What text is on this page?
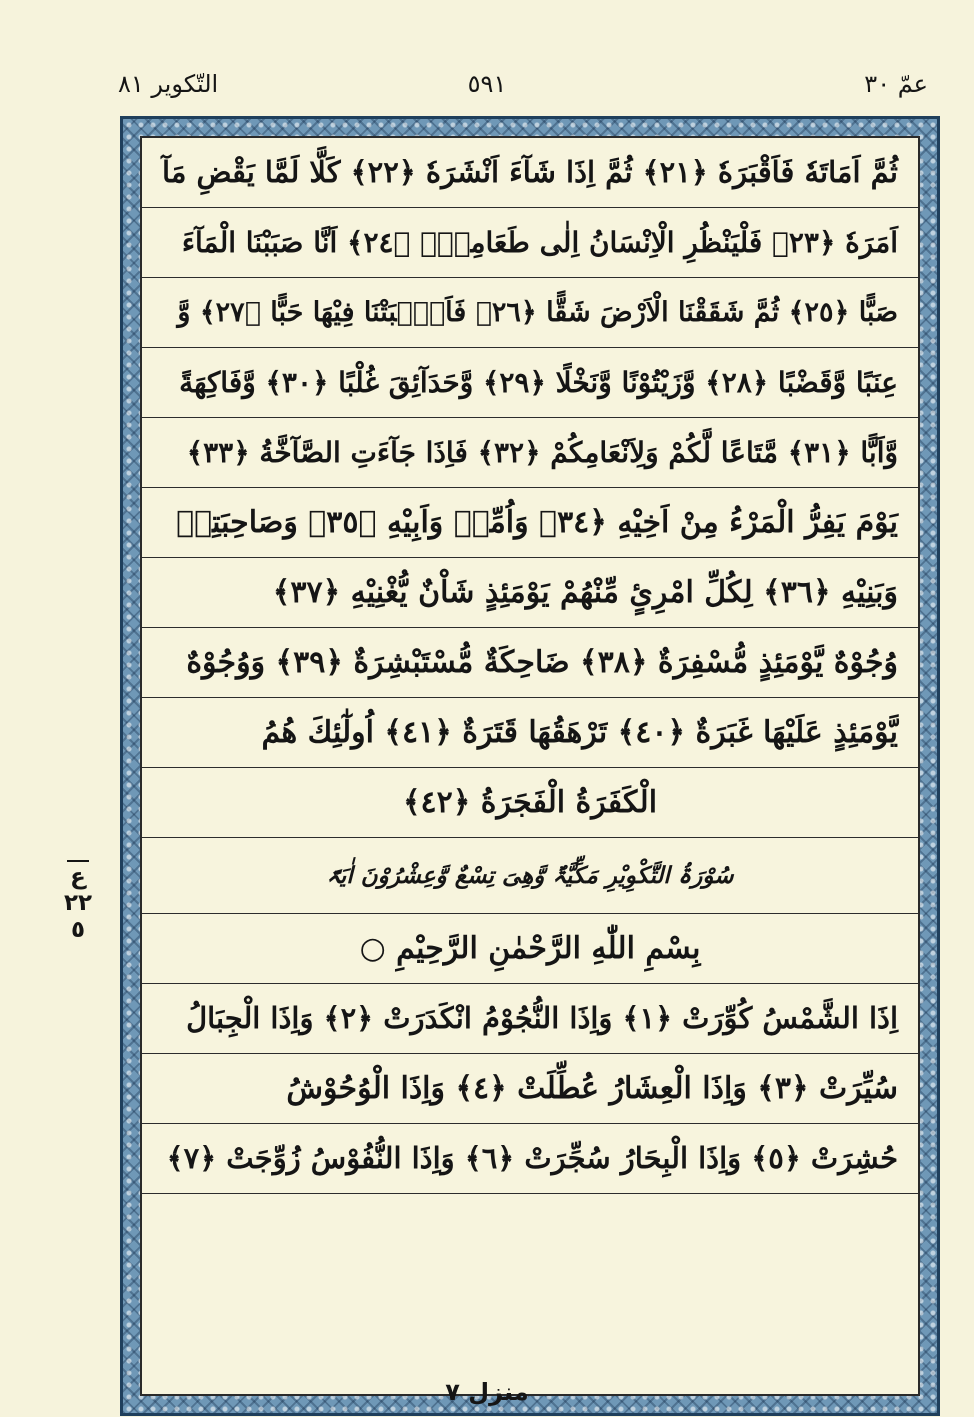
عمّ ٣٠
٥٩١
التّکویر ٨١
ع
٢٢
٥
ثُمَّ اَمَاتَهٗ فَاَقْبَرَهٗ ﴿٢١﴾ ثُمَّ اِذَا شَآءَ اَنْشَرَهٗ ﴿٢٢﴾ كَلَّا لَمَّا يَقْضِ مَآ
اَمَرَهٗ ﴿٢٣﴾ فَلْيَنْظُرِ الْاِنْسَانُ اِلٰى طَعَامِهٖٓ ﴿٢٤﴾ اَنَّا صَبَبْنَا الْمَآءَ
صَبًّا ﴿٢٥﴾ ثُمَّ شَقَقْنَا الْاَرْضَ شَقًّا ﴿٢٦﴾ فَاَنْۢبَتْنَا فِيْهَا حَبًّا ﴿٢٧﴾ وَّ
عِنَبًا وَّقَضْبًا ﴿٢٨﴾ وَّزَيْتُوْنًا وَّنَخْلًا ﴿٢٩﴾ وَّحَدَآئِقَ غُلْبًا ﴿٣٠﴾ وَّفَاكِهَةً
وَّاَبًّا ﴿٣١﴾ مَّتَاعًا لَّكُمْ وَلِاَنْعَامِكُمْ ﴿٣٢﴾ فَاِذَا جَآءَتِ الصَّآخَّةُ ﴿٣٣﴾
يَوْمَ يَفِرُّ الْمَرْءُ مِنْ اَخِيْهِ ﴿٣٤﴾ وَاُمِّهٖ وَاَبِيْهِ ﴿٣٥﴾ وَصَاحِبَتِهٖ
وَبَنِيْهِ ﴿٣٦﴾ لِكُلِّ امْرِئٍ مِّنْهُمْ يَوْمَئِذٍ شَاْنٌ يُّغْنِيْهِ ﴿٣٧﴾
وُجُوْهٌ يَّوْمَئِذٍ مُّسْفِرَةٌ ﴿٣٨﴾ ضَاحِكَةٌ مُّسْتَبْشِرَةٌ ﴿٣٩﴾ وَوُجُوْهٌ
يَّوْمَئِذٍ عَلَيْهَا غَبَرَةٌ ﴿٤٠﴾ تَرْهَقُهَا قَتَرَةٌ ﴿٤١﴾ اُولٰٓئِكَ هُمُ
الْكَفَرَةُ الْفَجَرَةُ ﴿٤٢﴾
سُوْرَۃُ التَّکْوِیْرِ مَکِّیَّۃٌ وَّھِیَ تِسْعٌ وَّعِشْرُوْنَ اٰیَۃً
بِسْمِ اللّٰهِ الرَّحْمٰنِ الرَّحِيْمِ ○
اِذَا الشَّمْسُ كُوِّرَتْ ﴿١﴾ وَاِذَا النُّجُوْمُ انْكَدَرَتْ ﴿٢﴾ وَاِذَا الْجِبَالُ
سُيِّرَتْ ﴿٣﴾ وَاِذَا الْعِشَارُ عُطِّلَتْ ﴿٤﴾ وَاِذَا الْوُحُوْشُ
حُشِرَتْ ﴿٥﴾ وَاِذَا الْبِحَارُ سُجِّرَتْ ﴿٦﴾ وَاِذَا النُّفُوْسُ زُوِّجَتْ ﴿٧﴾
منزل ٧
